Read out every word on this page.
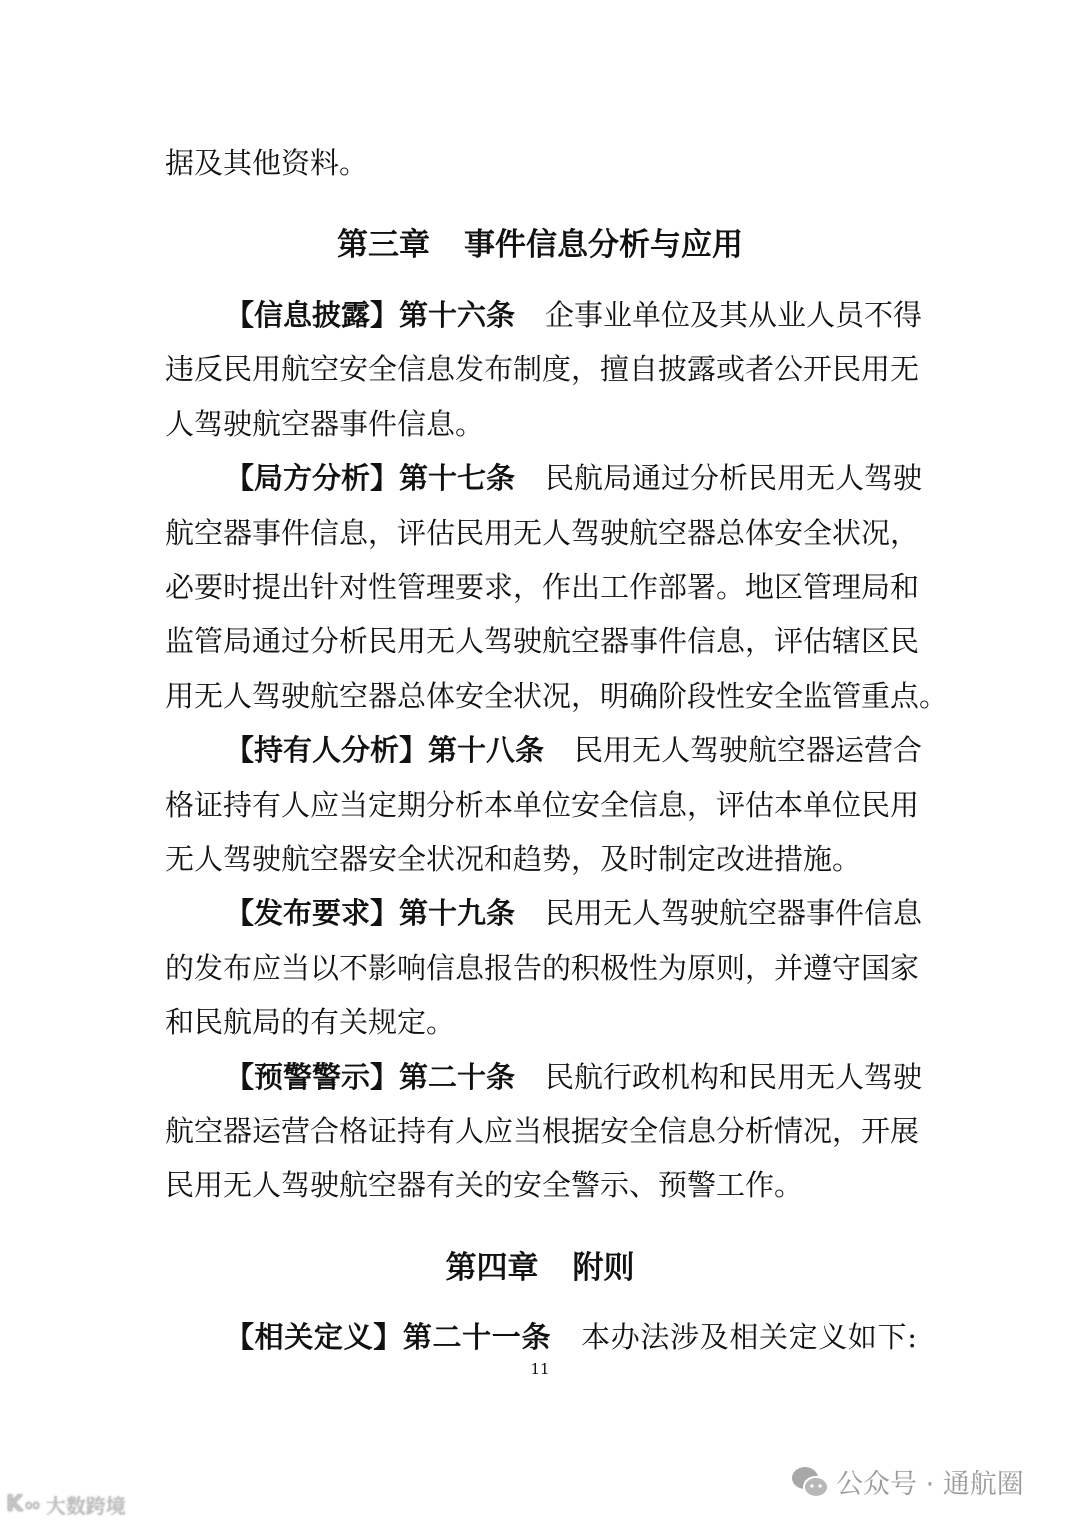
据及其他资料。
第三章 事件信息分析与应用
【信息披露】第十六条 企事业单位及其从业人员不得
违反民用航空安全信息发布制度，擅自披露或者公开民用无
人驾驶航空器事件信息。
【局方分析】第十七条 民航局通过分析民用无人驾驶
航空器事件信息，评估民用无人驾驶航空器总体安全状况，
必要时提出针对性管理要求，作出工作部署。地区管理局和
监管局通过分析民用无人驾驶航空器事件信息，评估辖区民
用无人驾驶航空器总体安全状况，明确阶段性安全监管重点。
【持有人分析】第十八条 民用无人驾驶航空器运营合
格证持有人应当定期分析本单位安全信息，评估本单位民用
无人驾驶航空器安全状况和趋势，及时制定改进措施。
【发布要求】第十九条 民用无人驾驶航空器事件信息
的发布应当以不影响信息报告的积极性为原则，并遵守国家
和民航局的有关规定。
【预警警示】第二十条 民航行政机构和民用无人驾驶
航空器运营合格证持有人应当根据安全信息分析情况，开展
民用无人驾驶航空器有关的安全警示、预警工作。
第四章 附则
【相关定义】第二十一条 本办法涉及相关定义如下:
11
公众号 · 通航圈
K oo 大数跨境
